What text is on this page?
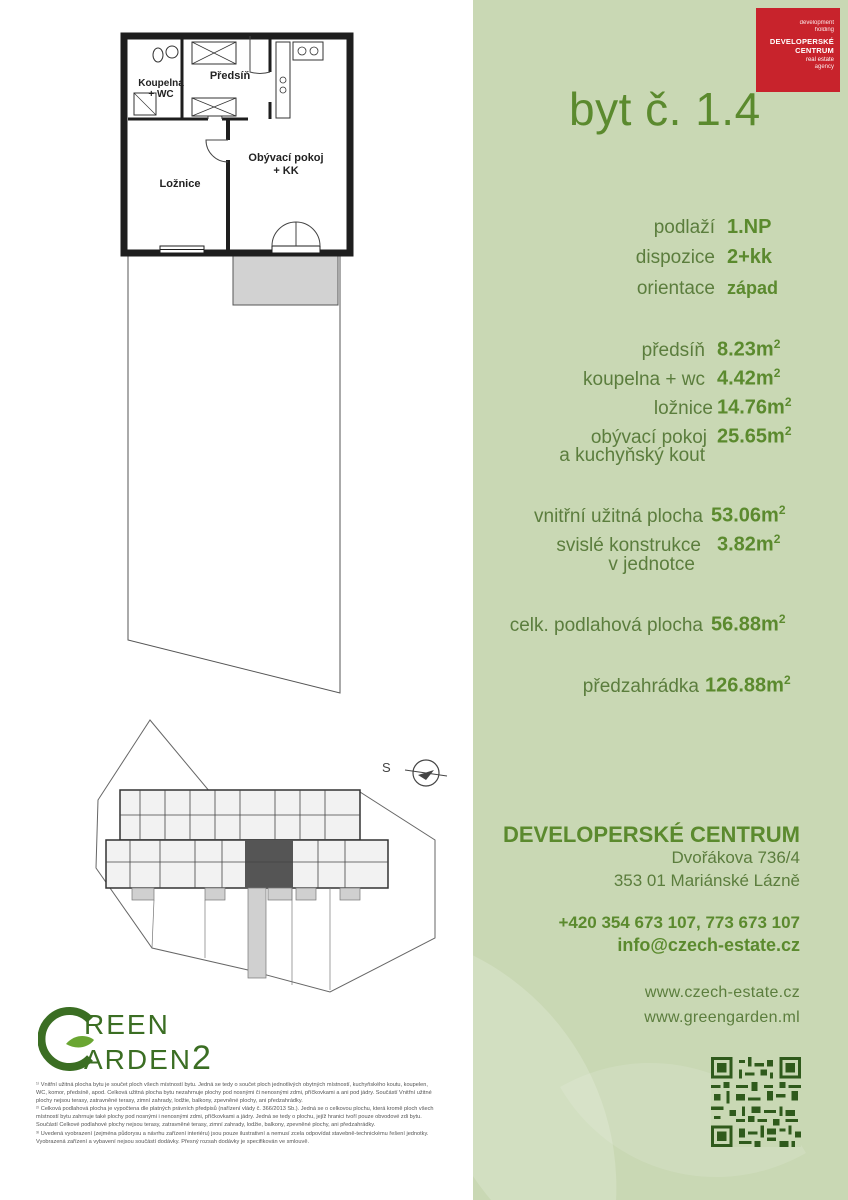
Koupelna + WC
Předsíň
Obývací pokoj + KK
Ložnice
S
REEN
ARDEN2

¹⁾ Vnitřní užitná plocha bytu je součet ploch všech místností bytu. Jedná se tedy o součet ploch jednotlivých obytných místností, kuchyňského koutu, koupelen, WC, komor, předsíně, apod. Celková užitná plocha bytu nezahrnuje plochy pod nosnými či nenosnými zdmi, příčkovkami a ani pod jádry. Součástí Vnitřní užitné plochy nejsou terasy, zatravněné terasy, zimní zahrady, lodžie, balkony, zpevněné plochy, ani předzahrádky.

²⁾ Celková podlahová plocha je vypočtena dle platných právních předpisů (nařízení vlády č. 366/2013 Sb.). Jedná se o celkovou plochu, která kromě ploch všech místností bytu zahrnuje také plochy pod nosnými i nenosnými zdmi, příčkovkami a jádry. Jedná se tedy o plochu, jejíž hranici tvoří pouze obvodové zdi bytu. Součástí Celkové podlahové plochy nejsou terasy, zatravněné terasy, zimní zahrady, lodžie, balkony, zpevněné plochy, ani předzahrádky.

³⁾ Uvedená vyobrazení (zejména půdorysu a návrhu zařízení interiéru) jsou pouze ilustrativní a nemusí zcela odpovídat stavebně-technickému řešení jednotky. Vyobrazená zařízení a vybavení nejsou součástí dodávky. Přesný rozsah dodávky je specifikován ve smlouvě.

development
holding
DEVELOPERSKÉ
CENTRUM
real estate
agency
byt č. 1.4
podlaží 1.NP
dispozice 2+kk
orientace západ
předsíň $8.23m^2$
koupelna + wc $4.42m^2$
ložnice $14.76m^2$
obývací pokoj $25.65m^2$
a kuchyňský kout
vnitřní užitná plocha $53.06m^2$
svislé konstrukce $3.82m^2$
v jednotce
celk. podlahová plocha $56.88m^2$
předzahrádka $126.88m^2$
DEVELOPERSKÉ CENTRUM
Dvořákova 736/4
353 01 Mariánské Lázně
+420 354 673 107, 773 673 107
info@czech-estate.cz
www.czech-estate.cz
www.greengarden.ml
